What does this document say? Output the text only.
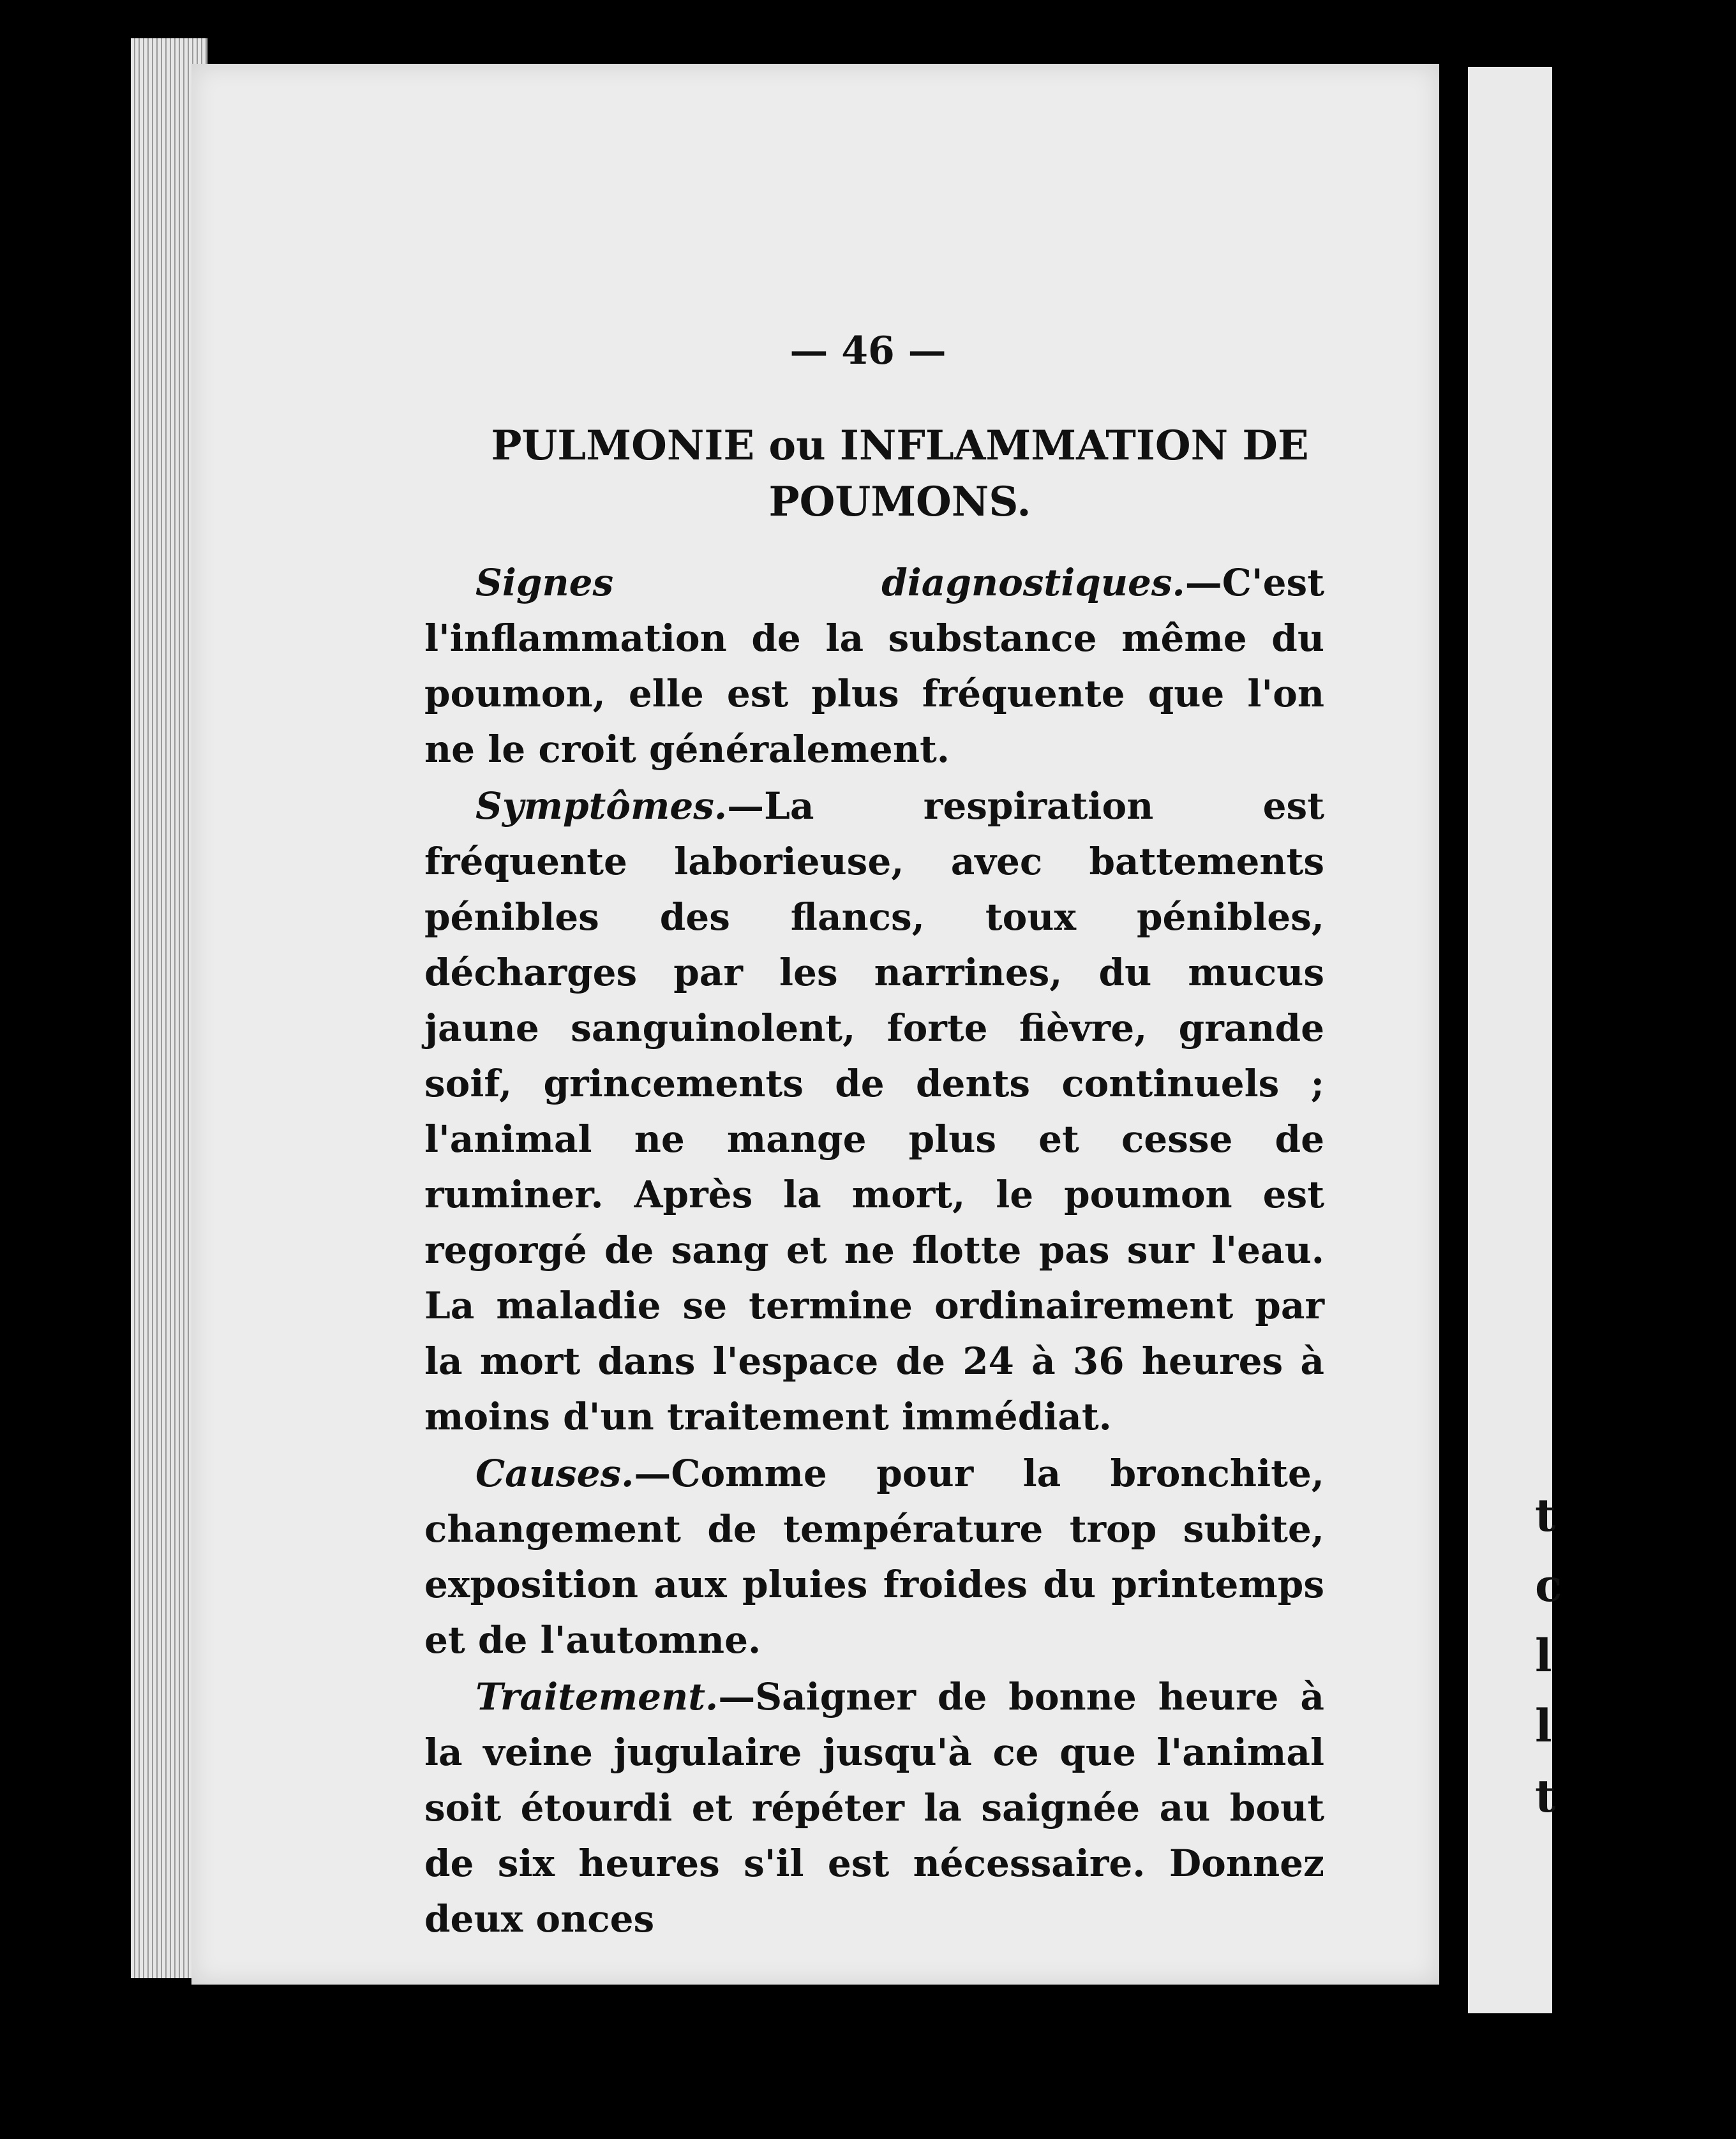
t
c
l
l
t
— 46 —
PULMONIE ou INFLAMMATION DE
POUMONS.

Signes diagnostiques.—C'est l'inflammation de la substance même du poumon, elle est plus fréquente que l'on ne le croit généralement.

Symptômes.—La respiration est fréquente laborieuse, avec battements pénibles des flancs, toux pénibles, décharges par les narrines, du mucus jaune sanguinolent, forte fièvre, grande soif, grincements de dents continuels ; l'animal ne mange plus et cesse de ruminer. Après la mort, le poumon est regorgé de sang et ne flotte pas sur l'eau. La maladie se termine ordinairement par la mort dans l'espace de 24 à 36 heures à moins d'un traitement immédiat.

Causes.—Comme pour la bronchite, changement de température trop subite, exposition aux pluies froides du printemps et de l'automne.

Traitement.—Saigner de bonne heure à la veine jugulaire jusqu'à ce que l'animal soit étourdi et répéter la saignée au bout de six heures s'il est nécessaire. Donnez deux onces
